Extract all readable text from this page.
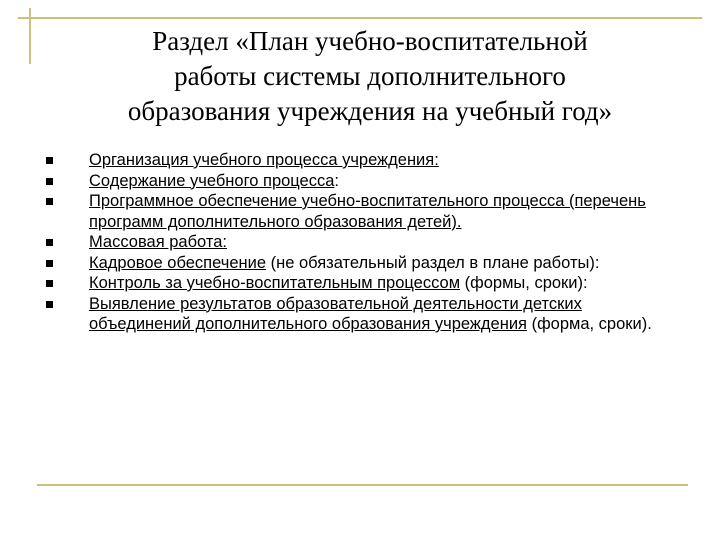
Раздел «План учебно-воспитательной
работы системы дополнительного
образования учреждения на учебный год»
Организация учебного процесса учреждения:
Содержание учебного процесса:
Программное обеспечение учебно-воспитательного процесса (перечень программ дополнительного образования детей).
Массовая работа:
Кадровое обеспечение (не обязательный раздел в плане работы):
Контроль за учебно-воспитательным процессом (формы, сроки):
Выявление результатов образовательной деятельности детских объединений дополнительного образования учреждения (форма, сроки).
